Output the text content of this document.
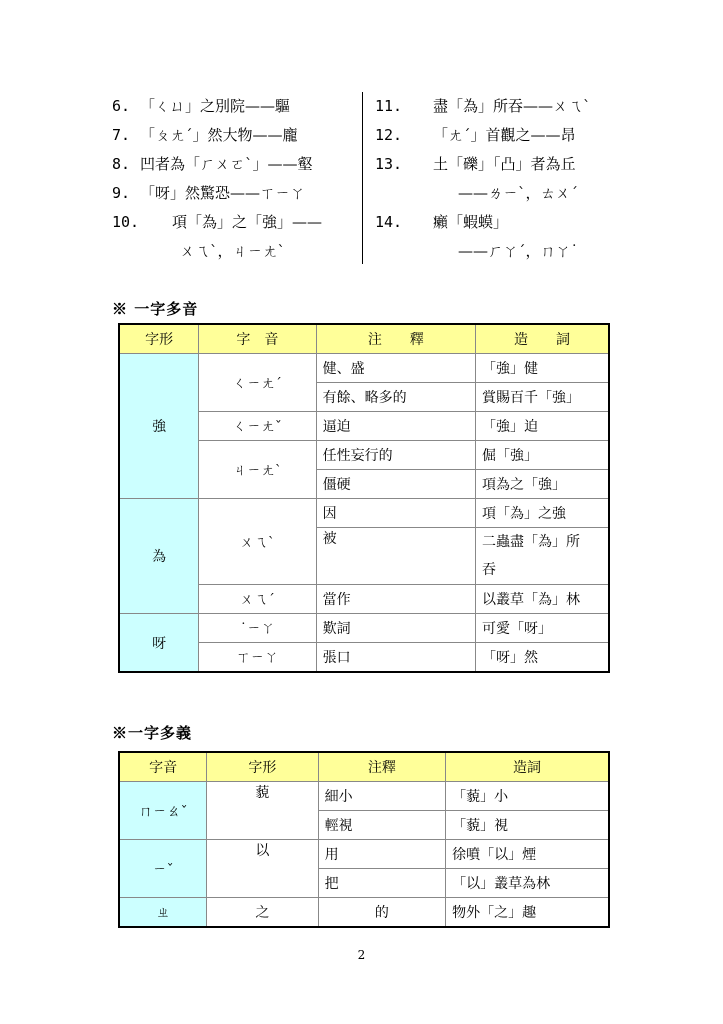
6. 「ㄑㄩ」之別院——驅
7. 「ㄆㄤˊ」然大物——龐
8. 凹者為「ㄏㄨㄛˋ」——壑
9. 「呀」然驚恐——ㄒㄧㄚ
10. 項「為」之「強」——
ㄨㄟˋ，ㄐㄧㄤˋ
11. 盡「為」所吞——ㄨㄟˋ
12. 「ㄤˊ」首觀之——昂
13. 土「礫」「凸」者為丘
——ㄌㄧˋ，ㄊㄨˊ
14. 癩「蝦蟆」
——ㄏㄚˊ，ㄇㄚ˙
※ 一字多音
字形	字　音	注　　釋	造　　詞
強	ㄑㄧㄤˊ	健、盛	「強」健
		有餘、略多的	賞賜百千「強」
	ㄑㄧㄤˇ	逼迫	「強」迫
	ㄐㄧㄤˋ	任性妄行的	倔「強」
		僵硬	項為之「強」
為	ㄨㄟˋ	因	項「為」之強
		被	二蟲盡「為」所
吞

	ㄨㄟˊ	當作	以叢草「為」林
呀	˙ㄧㄚ	歎詞	可愛「呀」
	ㄒㄧㄚ	張口	「呀」然
※一字多義
字音	字形	注釋	造詞
ㄇㄧㄠˇ	藐	細小	「藐」小
		輕視	「藐」視
ㄧˇ	以	用	徐噴「以」煙
		把	「以」叢草為林
ㄓ	之	的	物外「之」趣
2
